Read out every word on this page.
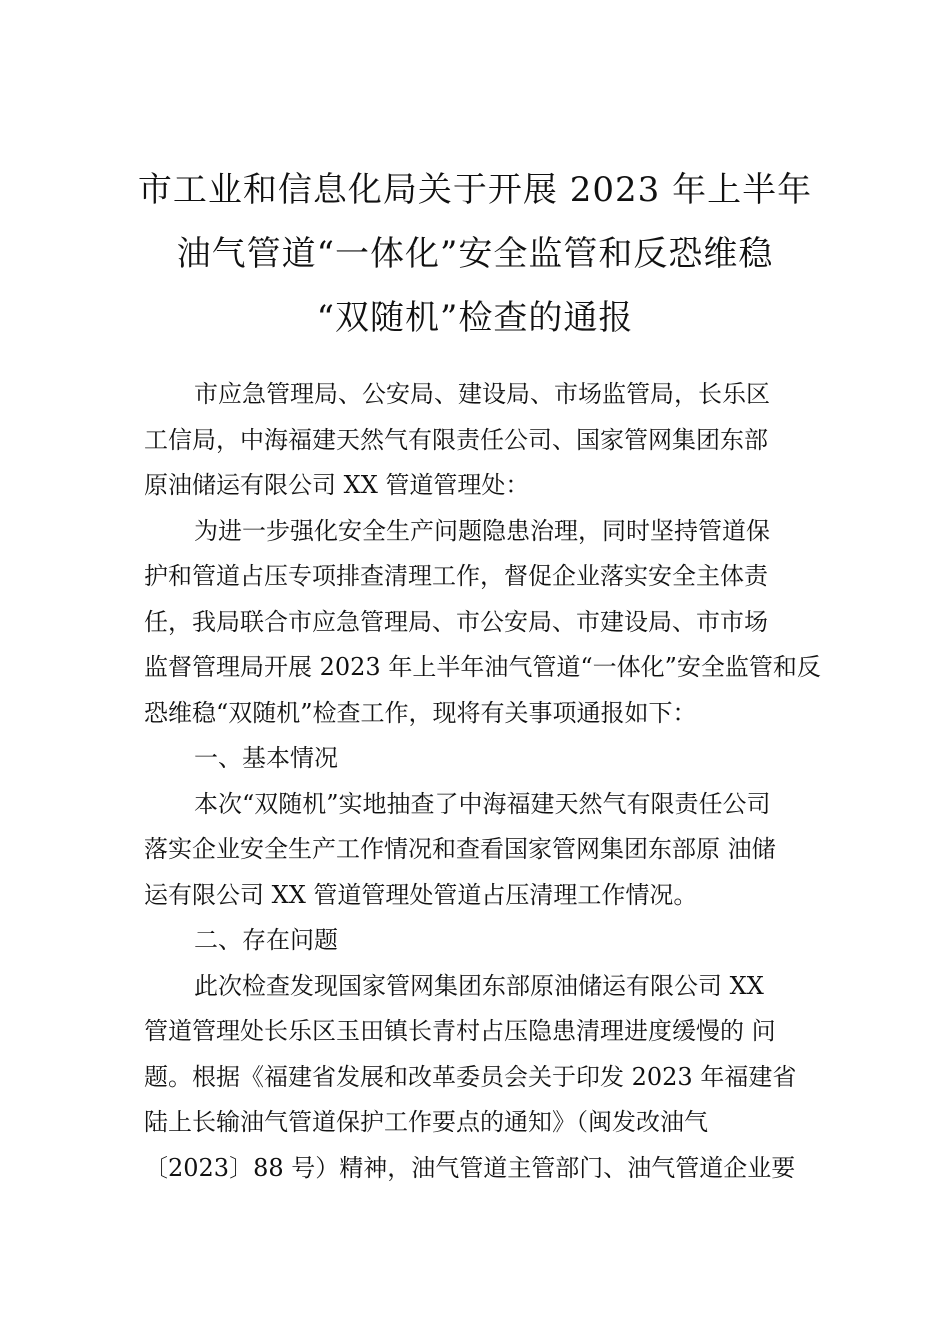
市工业和信息化局关于开展 2023 年上半年
油气管道“一体化”安全监管和反恐维稳
“双随机”检查的通报
市应急管理局、公安局、建设局、市场监管局，长乐区
工信局，中海福建天然气有限责任公司、国家管网集团东部
原油储运有限公司 XX 管道管理处：
为进一步强化安全生产问题隐患治理，同时坚持管道保
护和管道占压专项排查清理工作，督促企业落实安全主体责
任，我局联合市应急管理局、市公安局、市建设局、市市场
监督管理局开展 2023 年上半年油气管道“一体化”安全监管和反
恐维稳“双随机”检查工作，现将有关事项通报如下：
一、基本情况
本次“双随机”实地抽查了中海福建天然气有限责任公司
落实企业安全生产工作情况和查看国家管网集团东部原 油储
运有限公司 XX 管道管理处管道占压清理工作情况。
二、存在问题
此次检查发现国家管网集团东部原油储运有限公司 XX
管道管理处长乐区玉田镇长青村占压隐患清理进度缓慢的 问
题。根据《福建省发展和改革委员会关于印发 2023 年福建省
陆上长输油气管道保护工作要点的通知》（闽发改油气
〔2023〕88 号）精神，油气管道主管部门、油气管道企业要
